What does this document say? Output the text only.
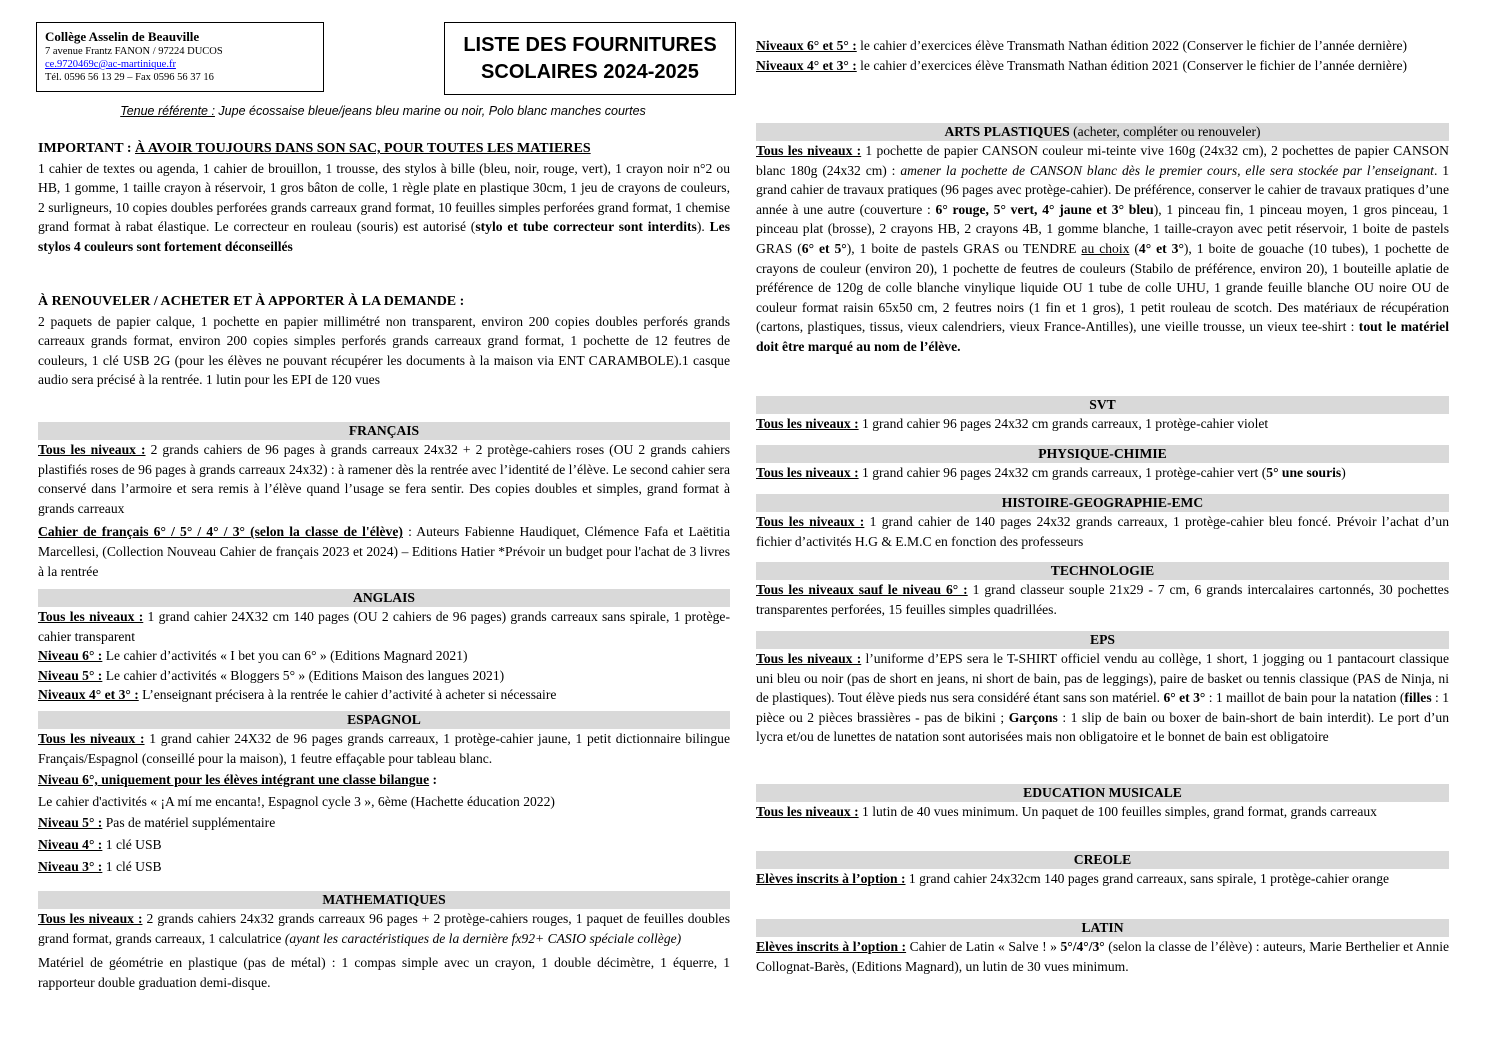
Collège Asselin de Beauville
7 avenue Frantz FANON / 97224 DUCOS
ce.9720469c@ac-martinique.fr
Tél. 0596 56 13 29 – Fax 0596 56 37 16
LISTE DES FOURNITURES
SCOLAIRES 2024-2025
Tenue référente : Jupe écossaise bleue/jeans bleu marine ou noir, Polo blanc manches courtes
IMPORTANT : À AVOIR TOUJOURS DANS SON SAC, POUR TOUTES LES MATIERES
1 cahier de textes ou agenda, 1 cahier de brouillon, 1 trousse, des stylos à bille (bleu, noir, rouge, vert), 1 crayon noir n°2 ou HB, 1 gomme, 1 taille crayon à réservoir, 1 gros bâton de colle, 1 règle plate en plastique 30cm, 1 jeu de crayons de couleurs, 2 surligneurs, 10 copies doubles perforées grands carreaux grand format, 10 feuilles simples perforées grand format, 1 chemise grand format à rabat élastique. Le correcteur en rouleau (souris) est autorisé (stylo et tube correcteur sont interdits). Les stylos 4 couleurs sont fortement déconseillés
À RENOUVELER / ACHETER ET À APPORTER À LA DEMANDE :
2 paquets de papier calque, 1 pochette en papier millimétré non transparent, environ 200 copies doubles perforés grands carreaux grands format, environ 200 copies simples perforés grands carreaux grand format, 1 pochette de 12 feutres de couleurs, 1 clé USB 2G (pour les élèves ne pouvant récupérer les documents à la maison via ENT CARAMBOLE).1 casque audio sera précisé à la rentrée. 1 lutin pour les EPI de 120 vues
FRANÇAIS
Tous les niveaux : 2 grands cahiers de 96 pages à grands carreaux 24x32 + 2 protège-cahiers roses (OU 2 grands cahiers plastifiés roses de 96 pages à grands carreaux 24x32) : à ramener dès la rentrée avec l’identité de l’élève. Le second cahier sera conservé dans l’armoire et sera remis à l’élève quand l’usage se fera sentir. Des copies doubles et simples, grand format à grands carreaux
Cahier de français 6° / 5° / 4° / 3° (selon la classe de l'élève) : Auteurs Fabienne Haudiquet, Clémence Fafa et Laëtitia Marcellesi, (Collection Nouveau Cahier de français 2023 et 2024) – Editions Hatier *Prévoir un budget pour l'achat de 3 livres à la rentrée
ANGLAIS
Tous les niveaux : 1 grand cahier 24X32 cm 140 pages (OU 2 cahiers de 96 pages) grands carreaux sans spirale, 1 protège-cahier transparent
Niveau 6° : Le cahier d’activités « I bet you can 6° » (Editions Magnard 2021)
Niveau 5° : Le cahier d’activités « Bloggers 5° » (Editions Maison des langues 2021)
Niveaux 4° et 3° : L’enseignant précisera à la rentrée le cahier d’activité à acheter si nécessaire
ESPAGNOL
Tous les niveaux : 1 grand cahier 24X32 de 96 pages grands carreaux, 1 protège-cahier jaune, 1 petit dictionnaire bilingue Français/Espagnol (conseillé pour la maison), 1 feutre effaçable pour tableau blanc.
Niveau 6°, uniquement pour les élèves intégrant une classe bilangue :
Le cahier d'activités « ¡A mí me encanta!, Espagnol cycle 3 », 6ème (Hachette éducation 2022)
Niveau 5° : Pas de matériel supplémentaire
Niveau 4° : 1 clé USB
Niveau 3° : 1 clé USB
MATHEMATIQUES
Tous les niveaux : 2 grands cahiers 24x32 grands carreaux 96 pages + 2 protège-cahiers rouges, 1 paquet de feuilles doubles grand format, grands carreaux, 1 calculatrice (ayant les caractéristiques de la dernière fx92+ CASIO spéciale collège)
Matériel de géométrie en plastique (pas de métal) : 1 compas simple avec un crayon, 1 double décimètre, 1 équerre, 1 rapporteur double graduation demi-disque.
Niveaux 6° et 5° : le cahier d’exercices élève Transmath Nathan édition 2022 (Conserver le fichier de l’année dernière)
Niveaux 4° et 3° : le cahier d’exercices élève Transmath Nathan édition 2021 (Conserver le fichier de l’année dernière)
ARTS PLASTIQUES (acheter, compléter ou renouveler)
Tous les niveaux : 1 pochette de papier CANSON couleur mi-teinte vive 160g (24x32 cm), 2 pochettes de papier CANSON blanc 180g (24x32 cm) : amener la pochette de CANSON blanc dès le premier cours, elle sera stockée par l’enseignant. 1 grand cahier de travaux pratiques (96 pages avec protège-cahier). De préférence, conserver le cahier de travaux pratiques d’une année à une autre (couverture : 6° rouge, 5° vert, 4° jaune et 3° bleu), 1 pinceau fin, 1 pinceau moyen, 1 gros pinceau, 1 pinceau plat (brosse), 2 crayons HB, 2 crayons 4B, 1 gomme blanche, 1 taille-crayon avec petit réservoir, 1 boite de pastels GRAS (6° et 5°), 1 boite de pastels GRAS ou TENDRE au choix (4° et 3°), 1 boite de gouache (10 tubes), 1 pochette de crayons de couleur (environ 20), 1 pochette de feutres de couleurs (Stabilo de préférence, environ 20), 1 bouteille aplatie de préférence de 120g de colle blanche vinylique liquide OU 1 tube de colle UHU, 1 grande feuille blanche OU noire OU de couleur format raisin 65x50 cm, 2 feutres noirs (1 fin et 1 gros), 1 petit rouleau de scotch. Des matériaux de récupération (cartons, plastiques, tissus, vieux calendriers, vieux France-Antilles), une vieille trousse, un vieux tee-shirt : tout le matériel doit être marqué au nom de l’élève.
SVT
Tous les niveaux : 1 grand cahier 96 pages 24x32 cm grands carreaux, 1 protège-cahier violet
PHYSIQUE-CHIMIE
Tous les niveaux : 1 grand cahier 96 pages 24x32 cm grands carreaux, 1 protège-cahier vert (5° une souris)
HISTOIRE-GEOGRAPHIE-EMC
Tous les niveaux : 1 grand cahier de 140 pages 24x32 grands carreaux, 1 protège-cahier bleu foncé. Prévoir l’achat d’un fichier d’activités H.G & E.M.C en fonction des professeurs
TECHNOLOGIE
Tous les niveaux sauf le niveau 6° : 1 grand classeur souple 21x29 - 7 cm, 6 grands intercalaires cartonnés, 30 pochettes transparentes perforées, 15 feuilles simples quadrillées.
EPS
Tous les niveaux : l’uniforme d’EPS sera le T-SHIRT officiel vendu au collège, 1 short, 1 jogging ou 1 pantacourt classique uni bleu ou noir (pas de short en jeans, ni short de bain, pas de leggings), paire de basket ou tennis classique (PAS de Ninja, ni de plastiques). Tout élève pieds nus sera considéré étant sans son matériel. 6° et 3° : 1 maillot de bain pour la natation (filles : 1 pièce ou 2 pièces brassières - pas de bikini ; Garçons : 1 slip de bain ou boxer de bain-short de bain interdit). Le port d’un lycra et/ou de lunettes de natation sont autorisées mais non obligatoire et le bonnet de bain est obligatoire
EDUCATION MUSICALE
Tous les niveaux : 1 lutin de 40 vues minimum. Un paquet de 100 feuilles simples, grand format, grands carreaux
CREOLE
Elèves inscrits à l’option : 1 grand cahier 24x32cm 140 pages grand carreaux, sans spirale, 1 protège-cahier orange
LATIN
Elèves inscrits à l’option : Cahier de Latin « Salve ! » 5°/4°/3° (selon la classe de l’élève) : auteurs, Marie Berthelier et Annie Collognat-Barès, (Editions Magnard), un lutin de 30 vues minimum.
